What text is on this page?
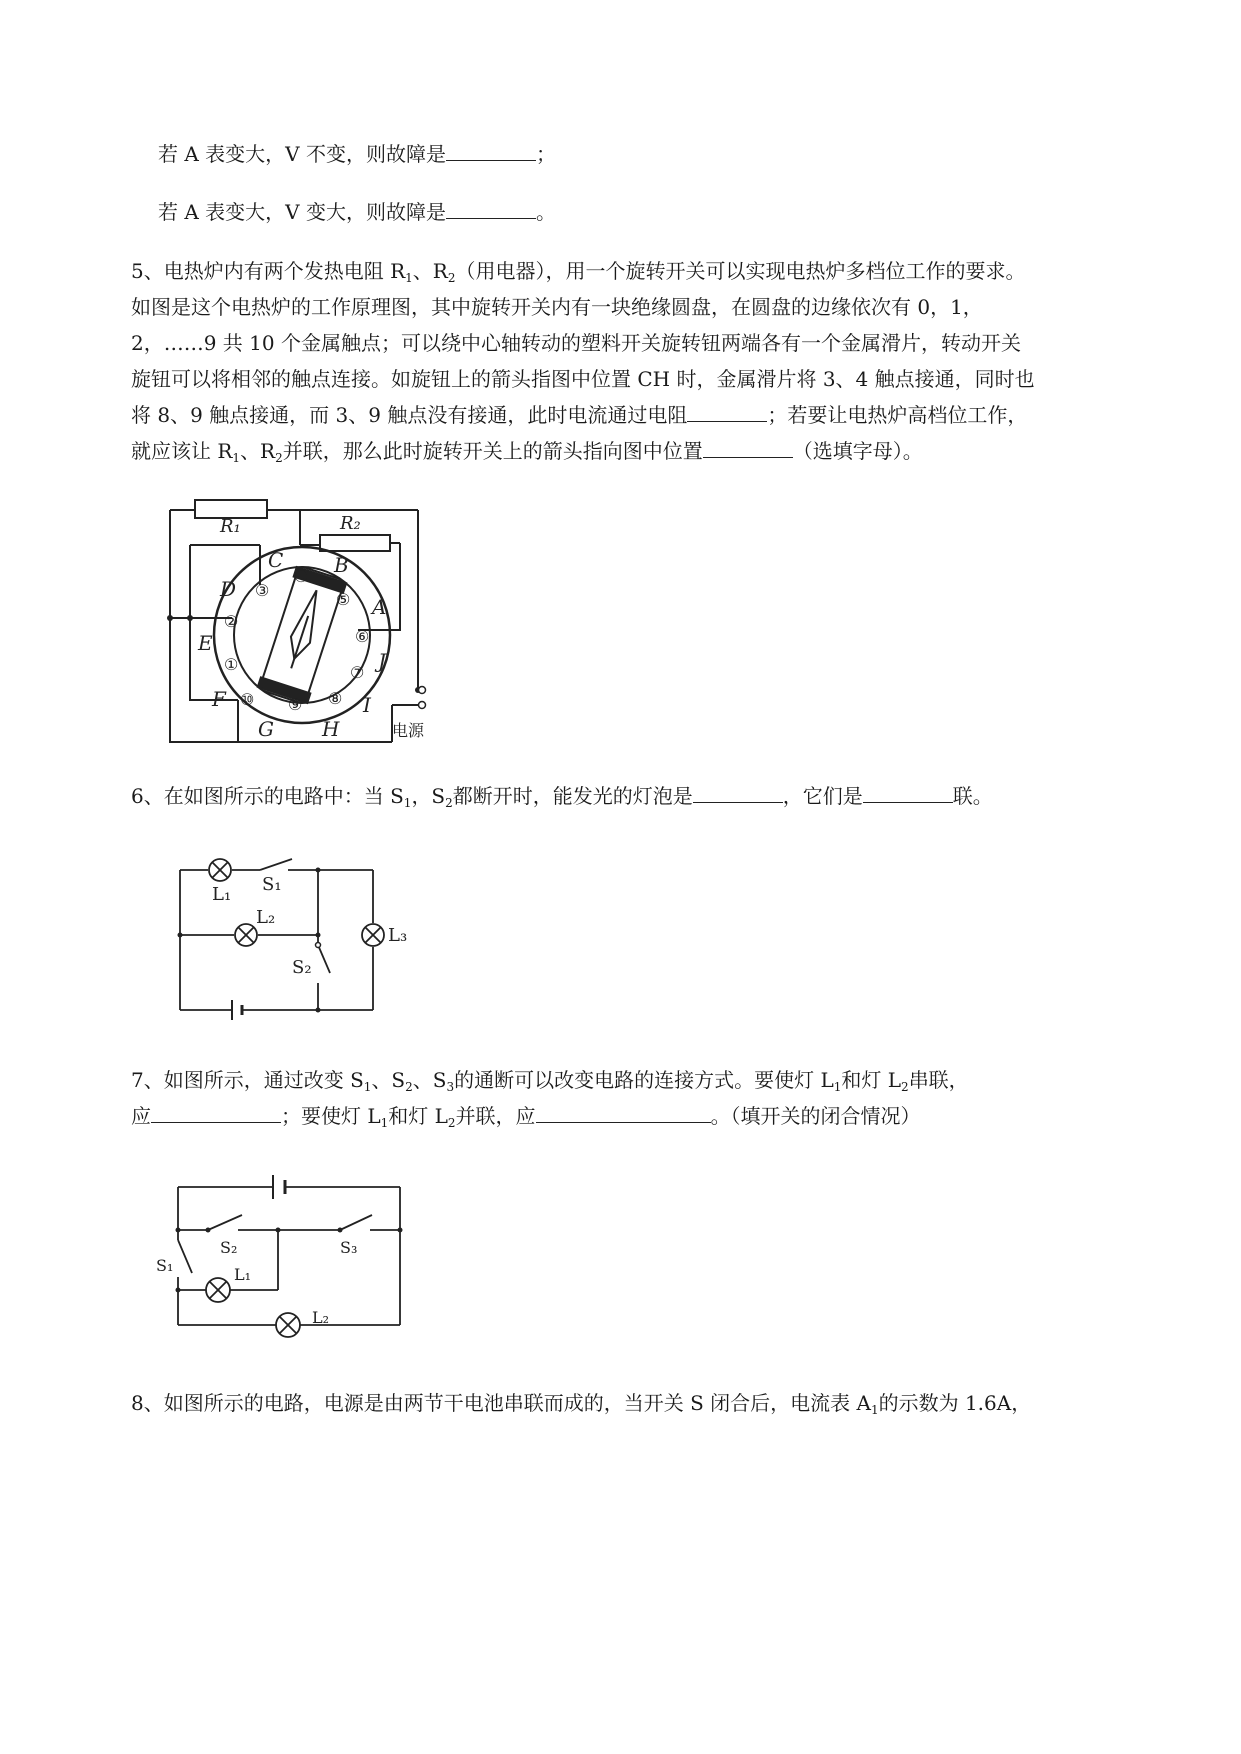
若 A 表变大，V 不变，则故障是	；
若 A 表变大，V 变大，则故障是	。
5、电热炉内有两个发热电阻 $R_1$、$R_2$（用电器），用一个旋转开关可以实现电热炉多档位工作的要求。
如图是这个电热炉的工作原理图，其中旋转开关内有一块绝缘圆盘，在圆盘的边缘依次有 0，1，
2，……9 共 10 个金属触点；可以绕中心轴转动的塑料开关旋转钮两端各有一个金属滑片，转动开关
旋钮可以将相邻的触点连接。如旋钮上的箭头指图中位置 CH 时，金属滑片将 3、4 触点接通，同时也
将 8、9 触点接通，而 3、9 触点没有接通，此时电流通过电阻	；若要让电热炉高档位工作，
就应该让 $R_1$、$R_2$并联，那么此时旋转开关上的箭头指向图中位置	（选填字母）。
R₁	R₂
③
④
⑤
②
⑥
①	⑦
⑩	⑧
⑨
C	B
D
A
E
J
F	I
G H	电源
6、在如图所示的电路中：当 $S_1$，$S_2$都断开时，能发光的灯泡是	，它们是	联。
L₁ S₁
L₂
S₂
L₃
7、如图所示，通过改变 $S_1$、$S_2$、$S_3$的通断可以改变电路的连接方式。要使灯 $L_1$和灯 $L_2$串联，
应	；要使灯 $L_1$和灯 $L_2$并联，应	。（填开关的闭合情况）
S₂	S₃
S₁	L₁
L₂
8、如图所示的电路，电源是由两节干电池串联而成的，当开关 S 闭合后，电流表 $A_1$的示数为 1.6A，
